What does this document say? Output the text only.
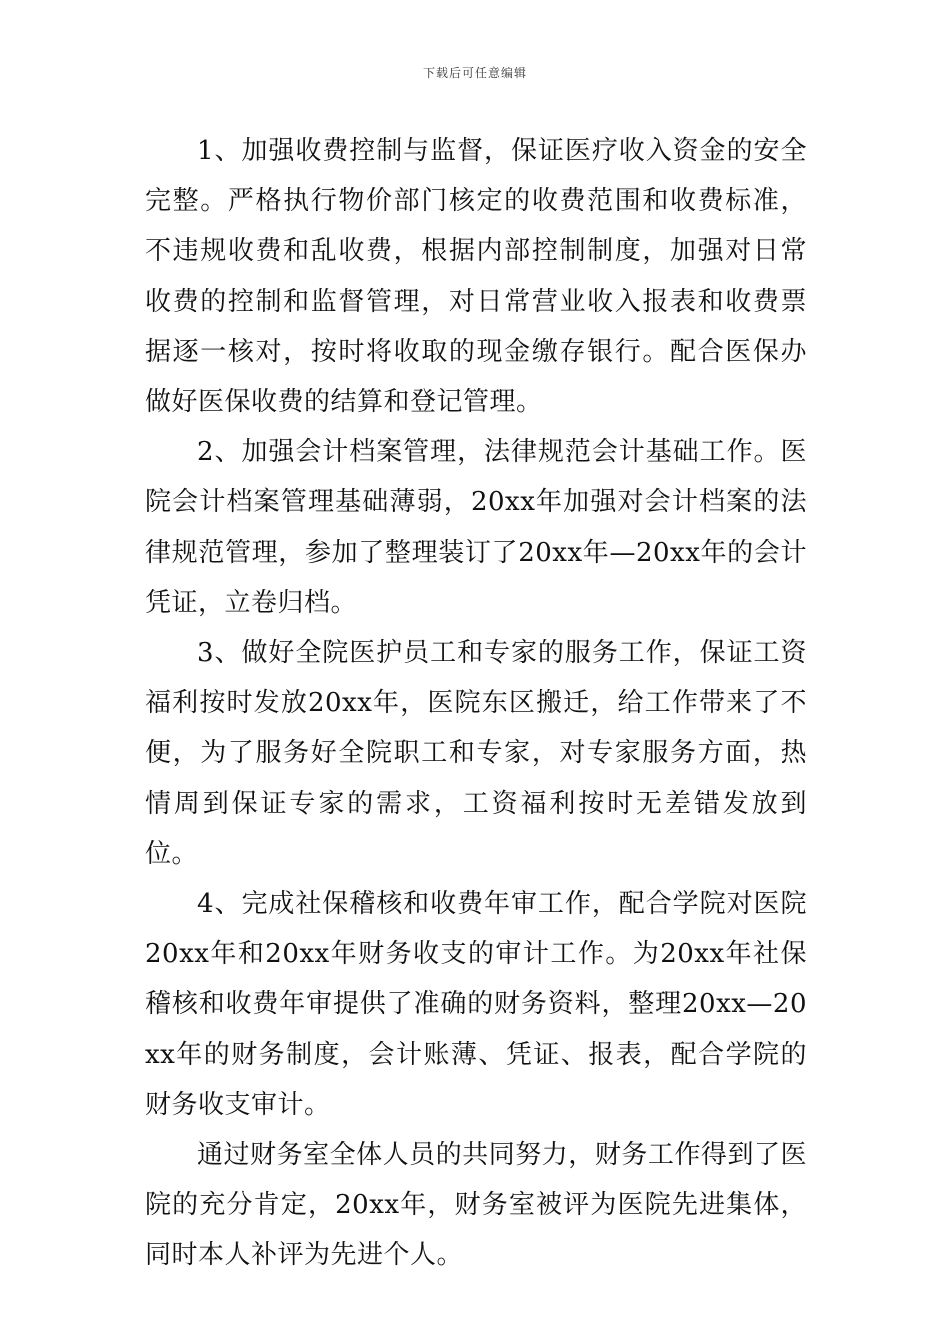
下载后可任意编辑

1、加强收费控制与监督，保证医疗收入资金的安全完整。严格执行物价部门核定的收费范围和收费标准，不违规收费和乱收费，根据内部控制制度，加强对日常收费的控制和监督管理，对日常营业收入报表和收费票据逐一核对，按时将收取的现金缴存银行。配合医保办做好医保收费的结算和登记管理。

2、加强会计档案管理，法律规范会计基础工作。医院会计档案管理基础薄弱，20xx年加强对会计档案的法律规范管理，参加了整理装订了20xx年—20xx年的会计凭证，立卷归档。

3、做好全院医护员工和专家的服务工作，保证工资福利按时发放20xx年，医院东区搬迁，给工作带来了不便，为了服务好全院职工和专家，对专家服务方面，热情周到保证专家的需求，工资福利按时无差错发放到位。

4、完成社保稽核和收费年审工作，配合学院对医院20xx年和20xx年财务收支的审计工作。为20xx年社保稽核和收费年审提供了准确的财务资料，整理20xx—20xx年的财务制度，会计账薄、凭证、报表，配合学院的财务收支审计。

通过财务室全体人员的共同努力，财务工作得到了医院的充分肯定，20xx年，财务室被评为医院先进集体，同时本人补评为先进个人。
